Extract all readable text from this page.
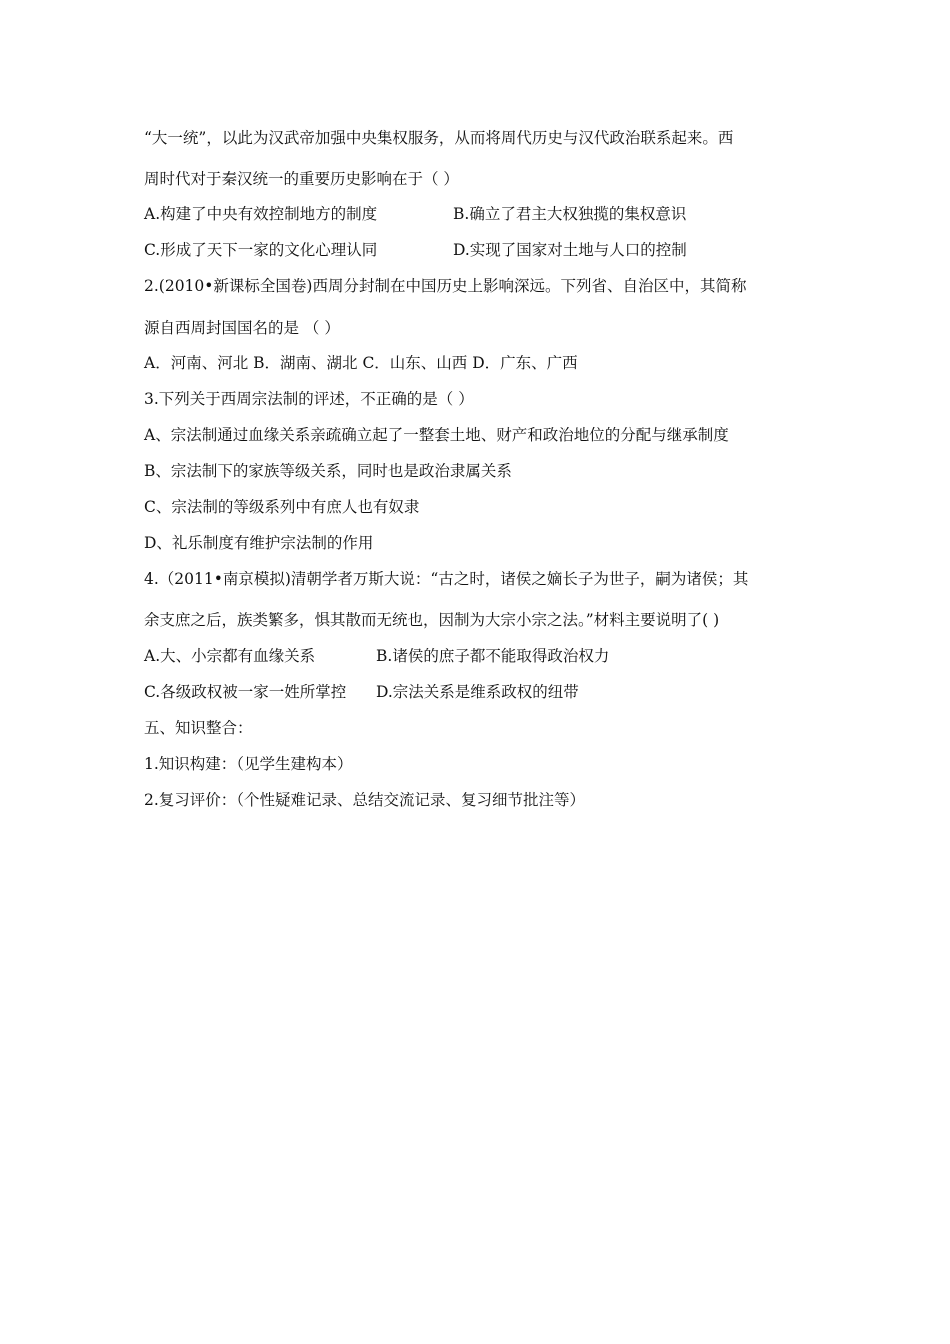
“大一统”，以此为汉武帝加强中央集权服务，从而将周代历史与汉代政治联系起来。西
周时代对于秦汉统一的重要历史影响在于（ ）
A.构建了中央有效控制地方的制度	B.确立了君主大权独揽的集权意识
C.形成了天下一家的文化心理认同	D.实现了国家对土地与人口的控制
2.(2010•新课标全国卷)西周分封制在中国历史上影响深远。下列省、自治区中，其简称
源自西周封国国名的是 （ ）
A．河南、河北 B．湖南、湖北 C．山东、山西 D．广东、广西
3.下列关于西周宗法制的评述，不正确的是（ ）
A、宗法制通过血缘关系亲疏确立起了一整套土地、财产和政治地位的分配与继承制度
B、宗法制下的家族等级关系，同时也是政治隶属关系
C、宗法制的等级系列中有庶人也有奴隶
D、礼乐制度有维护宗法制的作用
4.（2011•南京模拟)清朝学者万斯大说：“古之时，诸侯之嫡长子为世子，嗣为诸侯；其
余支庶之后，族类繁多，惧其散而无统也，因制为大宗小宗之法。”材料主要说明了( )
A.大、小宗都有血缘关系	B.诸侯的庶子都不能取得政治权力
C.各级政权被一家一姓所掌控 D.宗法关系是维系政权的纽带
五、知识整合：
1.知识构建：（见学生建构本）
2.复习评价：（个性疑难记录、总结交流记录、复习细节批注等）
